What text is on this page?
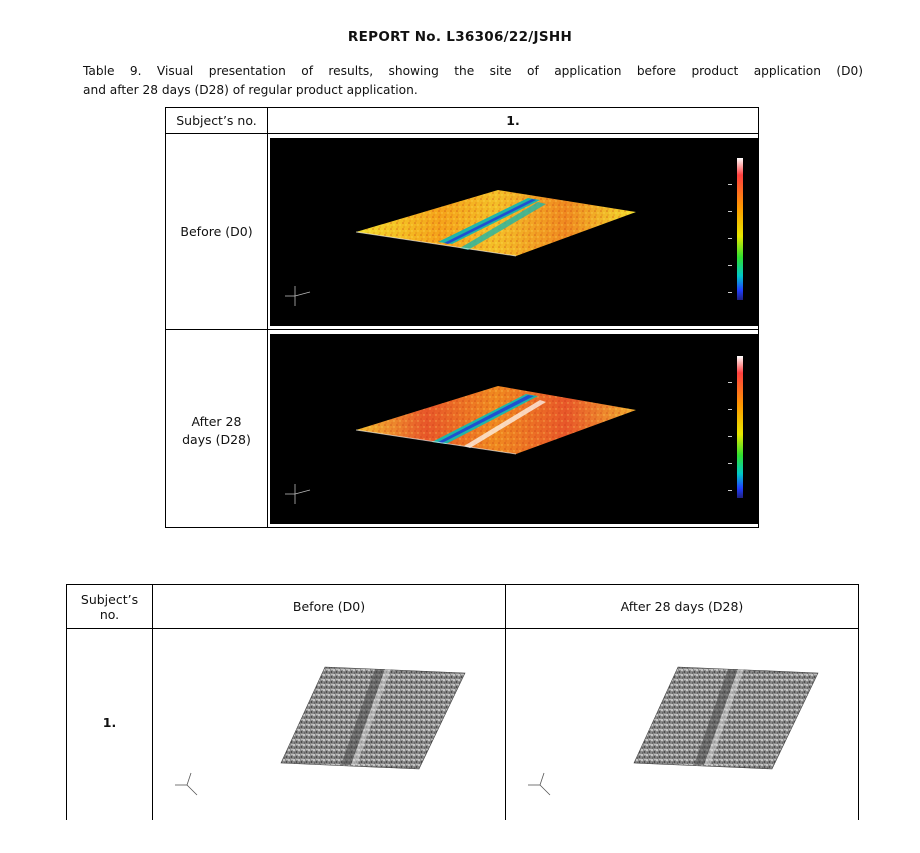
REPORT No. L36306/22/JSHH
Table 9. Visual presentation of results, showing the site of application before product application (D0)
and after 28 days (D28) of regular product application.
Subject’s no.	1.
Before (D0)
After 28
days (D28)
Subject’s
no.	Before (D0)	After 28 days (D28)
1.
